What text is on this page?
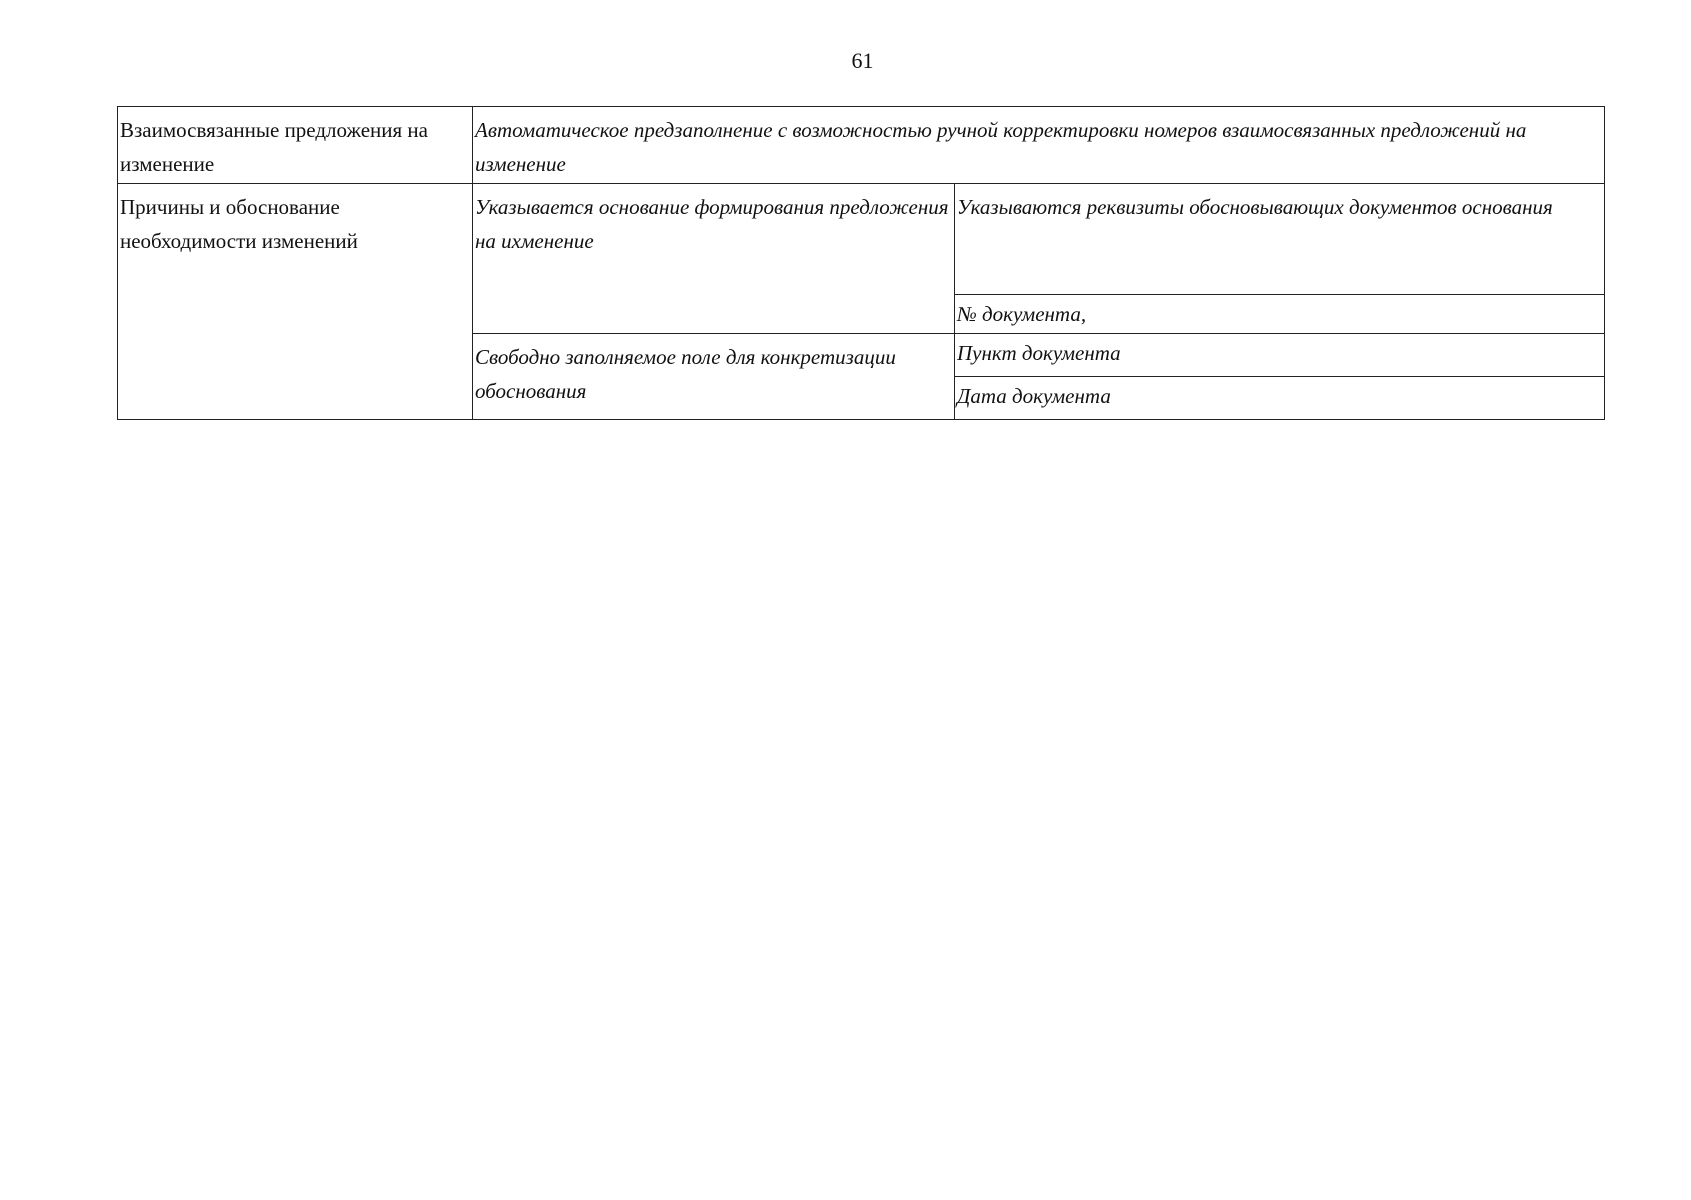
61
Взаимосвязанные предложения на изменение	Автоматическое предзаполнение с возможностью ручной корректировки номеров взаимосвязанных предложений на изменение	
Причины и обоснование необходимости изменений	Указывается основание формирования предложения на ихменение	Указываются реквизиты обосновывающих документов основания
		№ документа,
	Свободно заполняемое поле для конкретизации обоснования	Пункт документа
		Дата документа
